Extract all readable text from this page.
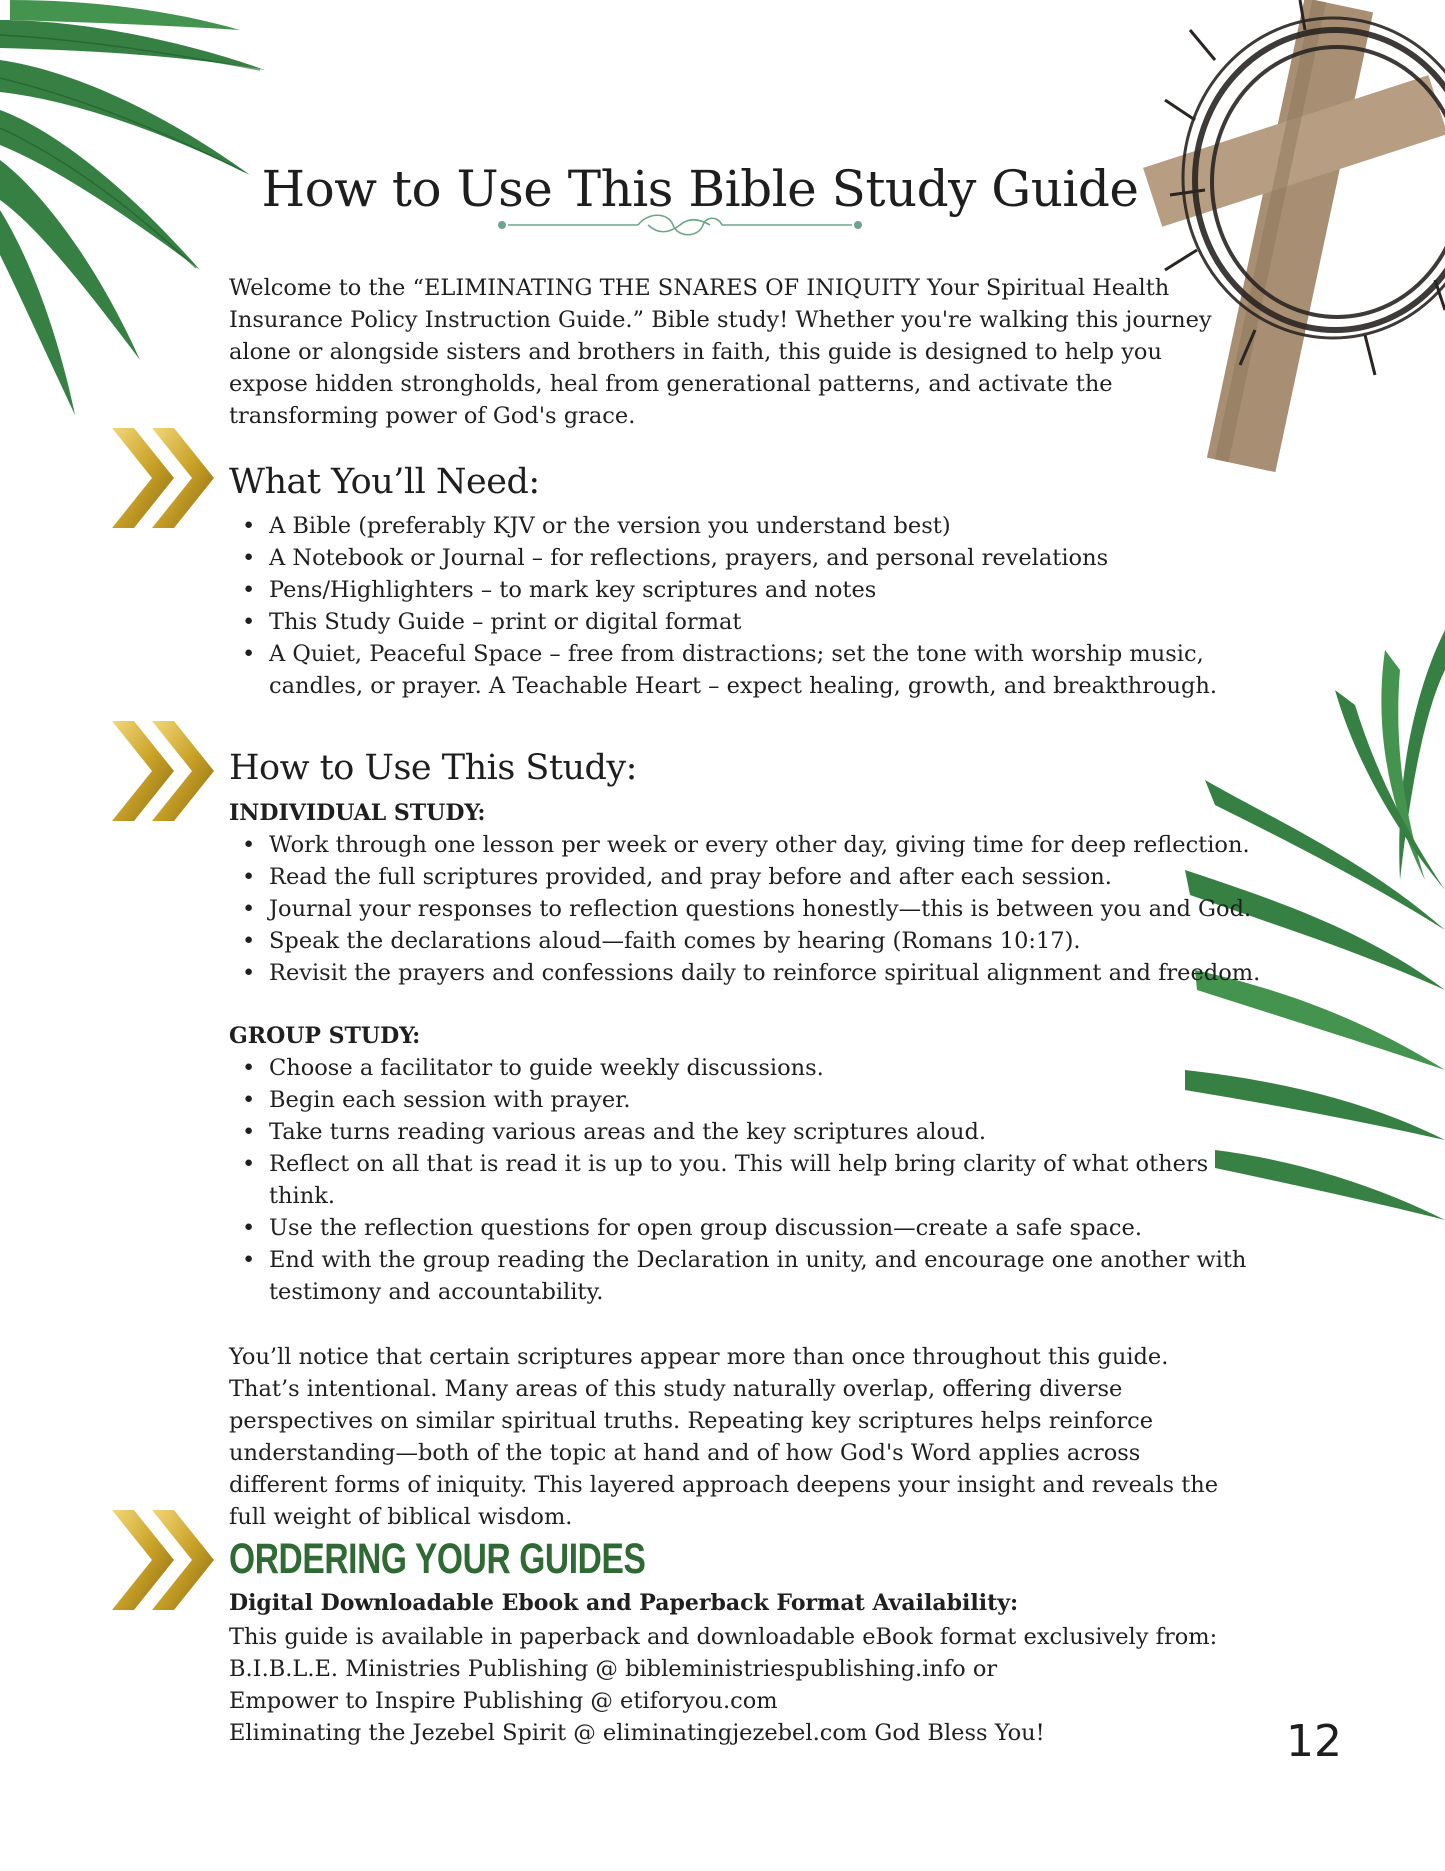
How to Use This Bible Study Guide

Welcome to the “ELIMINATING THE SNARES OF INIQUITY Your Spiritual Health Insurance Policy Instruction Guide.” Bible study! Whether you're walking this journey alone or alongside sisters and brothers in faith, this guide is designed to help you expose hidden strongholds, heal from generational patterns, and activate the transforming power of God's grace.

What You’ll Need:
• A Bible (preferably KJV or the version you understand best)
• A Notebook or Journal – for reflections, prayers, and personal revelations
• Pens/Highlighters – to mark key scriptures and notes
• This Study Guide – print or digital format
• A Quiet, Peaceful Space – free from distractions; set the tone with worship music, candles, or prayer. A Teachable Heart – expect healing, growth, and breakthrough.
How to Use This Study:

INDIVIDUAL STUDY:

• Work through one lesson per week or every other day, giving time for deep reflection.
• Read the full scriptures provided, and pray before and after each session.
• Journal your responses to reflection questions honestly—this is between you and God.
• Speak the declarations aloud—faith comes by hearing (Romans 10:17).
• Revisit the prayers and confessions daily to reinforce spiritual alignment and freedom.

GROUP STUDY:

• Choose a facilitator to guide weekly discussions.
• Begin each session with prayer.
• Take turns reading various areas and the key scriptures aloud.
• Reflect on all that is read it is up to you. This will help bring clarity of what others think.
• Use the reflection questions for open group discussion—create a safe space.
• End with the group reading the Declaration in unity, and encourage one another with testimony and accountability.

You’ll notice that certain scriptures appear more than once throughout this guide. That’s intentional. Many areas of this study naturally overlap, offering diverse perspectives on similar spiritual truths. Repeating key scriptures helps reinforce understanding—both of the topic at hand and of how God's Word applies across different forms of iniquity. This layered approach deepens your insight and reveals the full weight of biblical wisdom.

ORDERING YOUR GUIDES

Digital Downloadable Ebook and Paperback Format Availability:

This guide is available in paperback and downloadable eBook format exclusively from:
B.I.B.L.E. Ministries Publishing @ bibleministriespublishing.info or
Empower to Inspire Publishing @ etiforyou.com
Eliminating the Jezebel Spirit @ eliminatingjezebel.com God Bless You!	12
